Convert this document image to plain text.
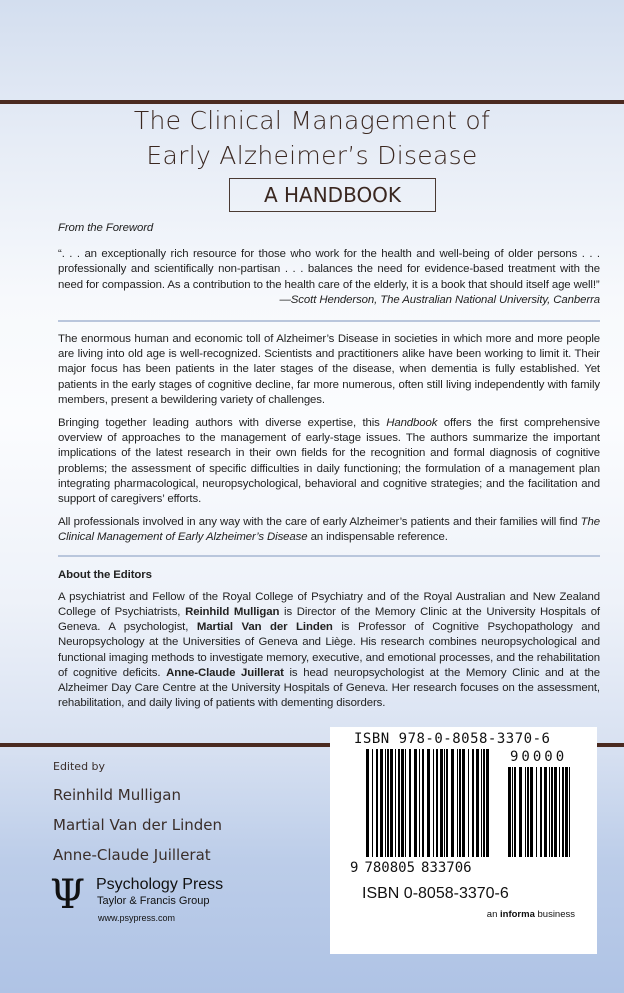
The Clinical Management of
Early Alzheimer’s Disease
A HANDBOOK
From the Foreword
“. . . an exceptionally rich resource for those who work for the health and well-being of older persons . . . professionally and scientifically non-partisan . . . balances the need for evidence-based treatment with the need for compassion. As a contribution to the health care of the elderly, it is a book that should itself age well!”
—Scott Henderson, The Australian National University, Canberra
The enormous human and economic toll of Alzheimer’s Disease in societies in which more and more people are living into old age is well-recognized. Scientists and practitioners alike have been working to limit it. Their major focus has been patients in the later stages of the disease, when dementia is fully established. Yet patients in the early stages of cognitive decline, far more numerous, often still living independently with family members, present a bewildering variety of challenges.
Bringing together leading authors with diverse expertise, this Handbook offers the first comprehensive overview of approaches to the management of early-stage issues. The authors summarize the important implications of the latest research in their own fields for the recognition and formal diagnosis of cognitive problems; the assessment of specific difficulties in daily functioning; the formulation of a management plan integrating pharmacological, neuropsychological, behavioral and cognitive strategies; and the facilitation and support of caregivers’ efforts.
All professionals involved in any way with the care of early Alzheimer’s patients and their families will find The Clinical Management of Early Alzheimer’s Disease an indispensable reference.
About the Editors
A psychiatrist and Fellow of the Royal College of Psychiatry and of the Royal Australian and New Zealand College of Psychiatrists, Reinhild Mulligan is Director of the Memory Clinic at the University Hospitals of Geneva. A psychologist, Martial Van der Linden is Professor of Cognitive Psychopathology and Neuropsychology at the Universities of Geneva and Liège. His research combines neuropsychological and functional imaging methods to investigate memory, executive, and emotional processes, and the rehabilitation of cognitive deficits. Anne-Claude Juillerat is head neuropsychologist at the Memory Clinic and at the Alzheimer Day Care Centre at the University Hospitals of Geneva. Her research focuses on the assessment, rehabilitation, and daily living of patients with dementing disorders.
Edited by
Reinhild Mulligan
Martial Van der Linden
Anne-Claude Juillerat
Ψ Psychology Press
Taylor & Francis Group
www.psypress.com
ISBN 978-0-8058-3370-6
90000
9 780805 833706
ISBN 0-8058-3370-6
an informa business
